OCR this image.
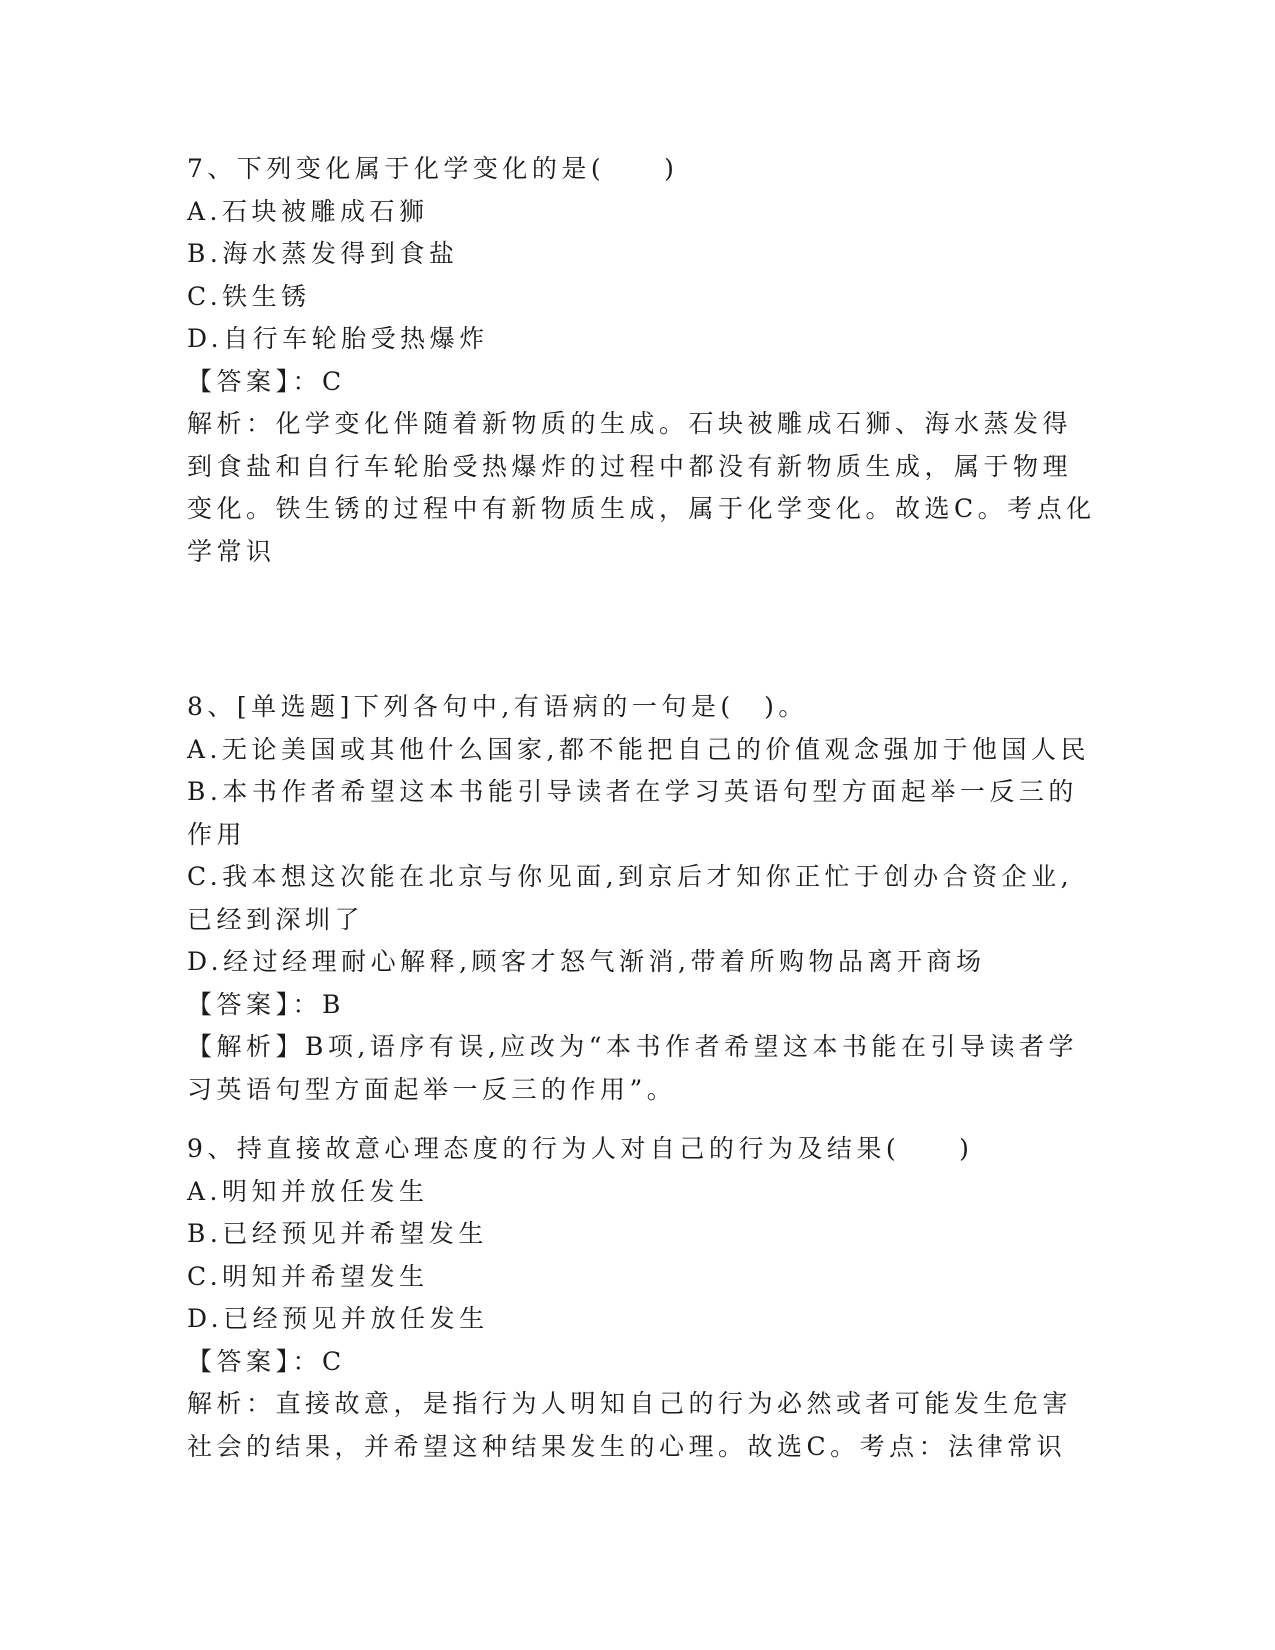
7、下列变化属于化学变化的是(　　)
A.石块被雕成石狮
B.海水蒸发得到食盐
C.铁生锈
D.自行车轮胎受热爆炸
【答案】：C
解析：化学变化伴随着新物质的生成。石块被雕成石狮、海水蒸发得
到食盐和自行车轮胎受热爆炸的过程中都没有新物质生成，属于物理
变化。铁生锈的过程中有新物质生成，属于化学变化。故选C。考点化
学常识
8、[单选题]下列各句中,有语病的一句是(　)。
A.无论美国或其他什么国家,都不能把自己的价值观念强加于他国人民
B.本书作者希望这本书能引导读者在学习英语句型方面起举一反三的
作用
C.我本想这次能在北京与你见面,到京后才知你正忙于创办合资企业,
已经到深圳了
D.经过经理耐心解释,顾客才怒气渐消,带着所购物品离开商场
【答案】：B
【解析】B项,语序有误,应改为“本书作者希望这本书能在引导读者学
习英语句型方面起举一反三的作用”。
9、持直接故意心理态度的行为人对自己的行为及结果(　　)
A.明知并放任发生
B.已经预见并希望发生
C.明知并希望发生
D.已经预见并放任发生
【答案】：C
解析：直接故意，是指行为人明知自己的行为必然或者可能发生危害
社会的结果，并希望这种结果发生的心理。故选C。考点：法律常识
